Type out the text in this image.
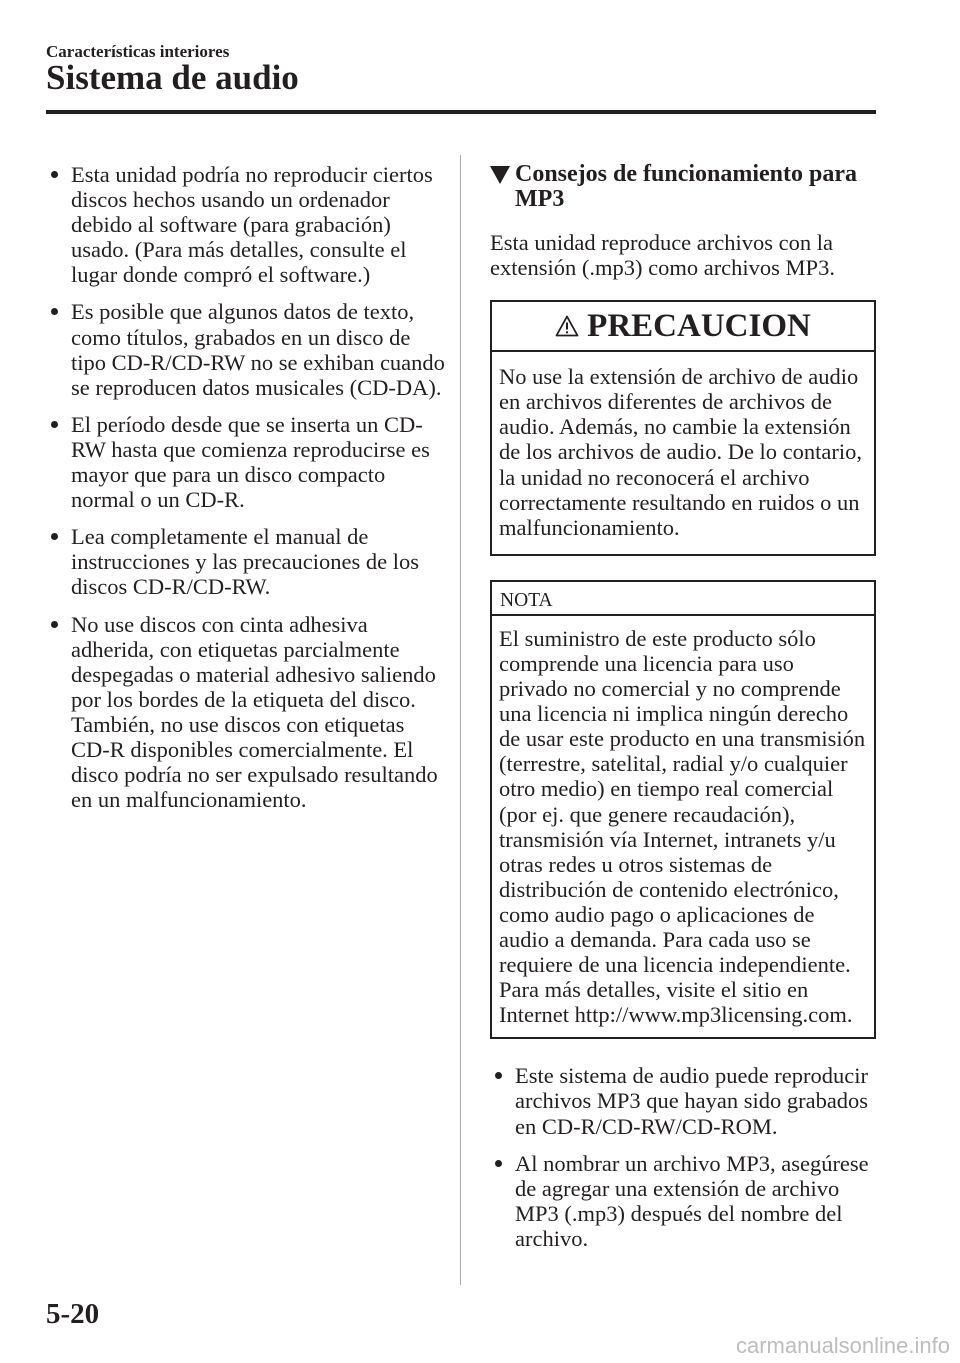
Características interiores
Sistema de audio
Esta unidad podría no reproducir ciertos discos hechos usando un ordenador debido al software (para grabación) usado. (Para más detalles, consulte el lugar donde compró el software.)
Es posible que algunos datos de texto, como títulos, grabados en un disco de tipo CD-R/CD-RW no se exhiban cuando se reproducen datos musicales (CD-DA).
El período desde que se inserta un CD-RW hasta que comienza reproducirse es mayor que para un disco compacto normal o un CD-R.
Lea completamente el manual de instrucciones y las precauciones de los discos CD-R/CD-RW.
No use discos con cinta adhesiva adherida, con etiquetas parcialmente despegadas o material adhesivo saliendo por los bordes de la etiqueta del disco. También, no use discos con etiquetas CD-R disponibles comercialmente. El disco podría no ser expulsado resultando en un malfuncionamiento.
Consejos de funcionamiento para MP3

Esta unidad reproduce archivos con la extensión (.mp3) como archivos MP3.

PRECAUCION
No use la extensión de archivo de audio en archivos diferentes de archivos de audio. Además, no cambie la extensión de los archivos de audio. De lo contario, la unidad no reconocerá el archivo correctamente resultando en ruidos o un malfuncionamiento.
NOTA
El suministro de este producto sólo comprende una licencia para uso privado no comercial y no comprende una licencia ni implica ningún derecho de usar este producto en una transmisión (terrestre, satelital, radial y/o cualquier otro medio) en tiempo real comercial (por ej. que genere recaudación), transmisión vía Internet, intranets y/u otras redes u otros sistemas de distribución de contenido electrónico, como audio pago o aplicaciones de audio a demanda. Para cada uso se requiere de una licencia independiente. Para más detalles, visite el sitio en Internet http://www.mp3licensing.com.
Este sistema de audio puede reproducir archivos MP3 que hayan sido grabados en CD-R/CD-RW/CD-ROM.
Al nombrar un archivo MP3, asegúrese de agregar una extensión de archivo MP3 (.mp3) después del nombre del archivo.
5-20
carmanualsonline.info
